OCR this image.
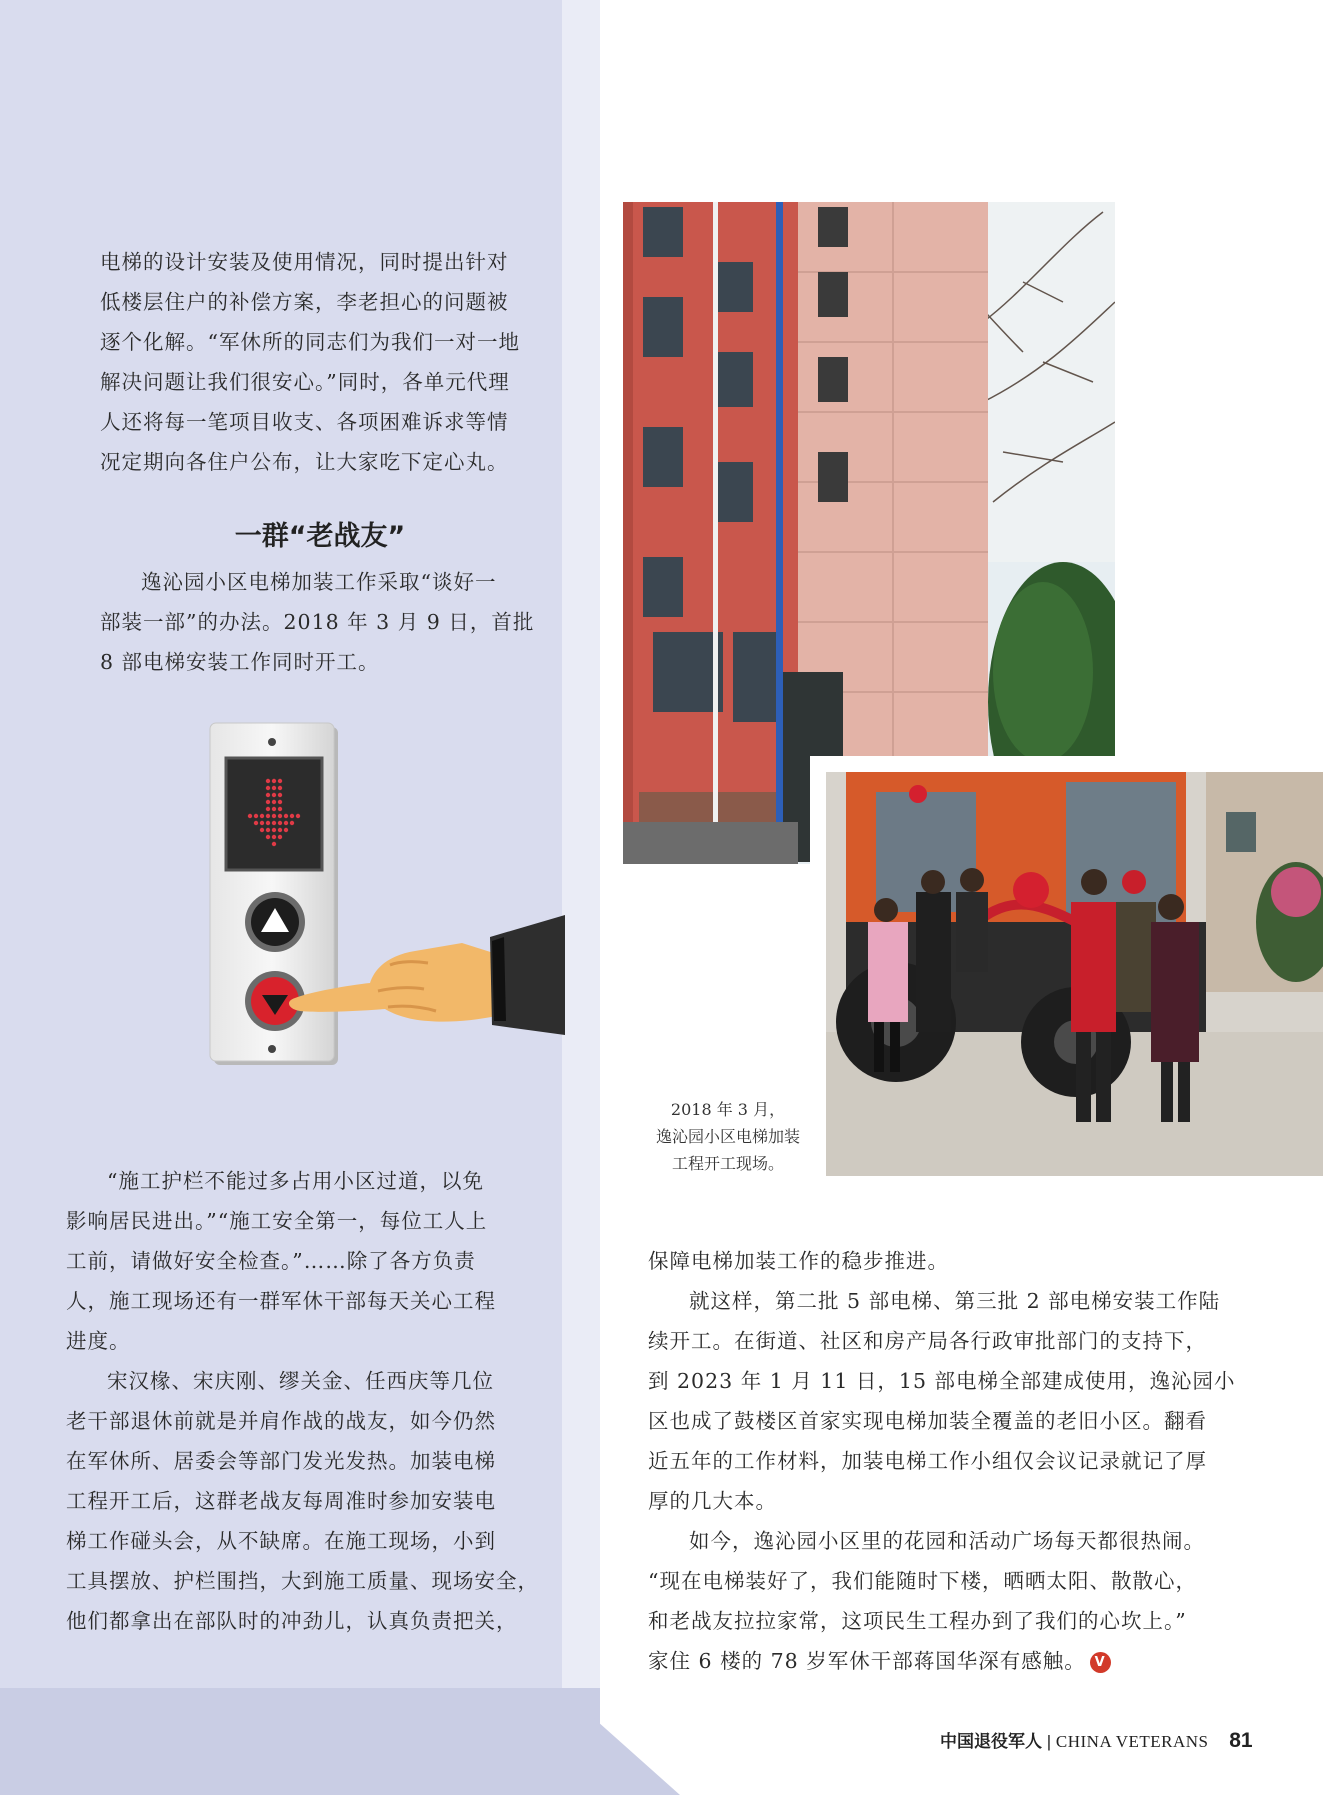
电梯的设计安装及使用情况，同时提出针对
低楼层住户的补偿方案，李老担心的问题被
逐个化解。“军休所的同志们为我们一对一地
解决问题让我们很安心。”同时，各单元代理
人还将每一笔项目收支、各项困难诉求等情
况定期向各住户公布，让大家吃下定心丸。
一群“老战友”
逸沁园小区电梯加装工作采取“谈好一
部装一部”的办法。2018 年 3 月 9 日，首批
8 部电梯安装工作同时开工。
“施工护栏不能过多占用小区过道，以免
影响居民进出。”“施工安全第一，每位工人上
工前，请做好安全检查。”……除了各方负责
人，施工现场还有一群军休干部每天关心工程
进度。
宋汉椽、宋庆刚、缪关金、任西庆等几位
老干部退休前就是并肩作战的战友，如今仍然
在军休所、居委会等部门发光发热。加装电梯
工程开工后，这群老战友每周准时参加安装电
梯工作碰头会，从不缺席。在施工现场，小到
工具摆放、护栏围挡，大到施工质量、现场安全，
他们都拿出在部队时的冲劲儿，认真负责把关，
2018 年 3 月，
逸沁园小区电梯加装
工程开工现场。
保障电梯加装工作的稳步推进。
就这样，第二批 5 部电梯、第三批 2 部电梯安装工作陆
续开工。在街道、社区和房产局各行政审批部门的支持下，
到 2023 年 1 月 11 日，15 部电梯全部建成使用，逸沁园小
区也成了鼓楼区首家实现电梯加装全覆盖的老旧小区。翻看
近五年的工作材料，加装电梯工作小组仅会议记录就记了厚
厚的几大本。
如今，逸沁园小区里的花园和活动广场每天都很热闹。
“现在电梯装好了，我们能随时下楼，晒晒太阳、散散心，
和老战友拉拉家常，这项民生工程办到了我们的心坎上。”
家住 6 楼的 78 岁军休干部蒋国华深有感触。 V
中国退役军人 | CHINA VETERANS 81
